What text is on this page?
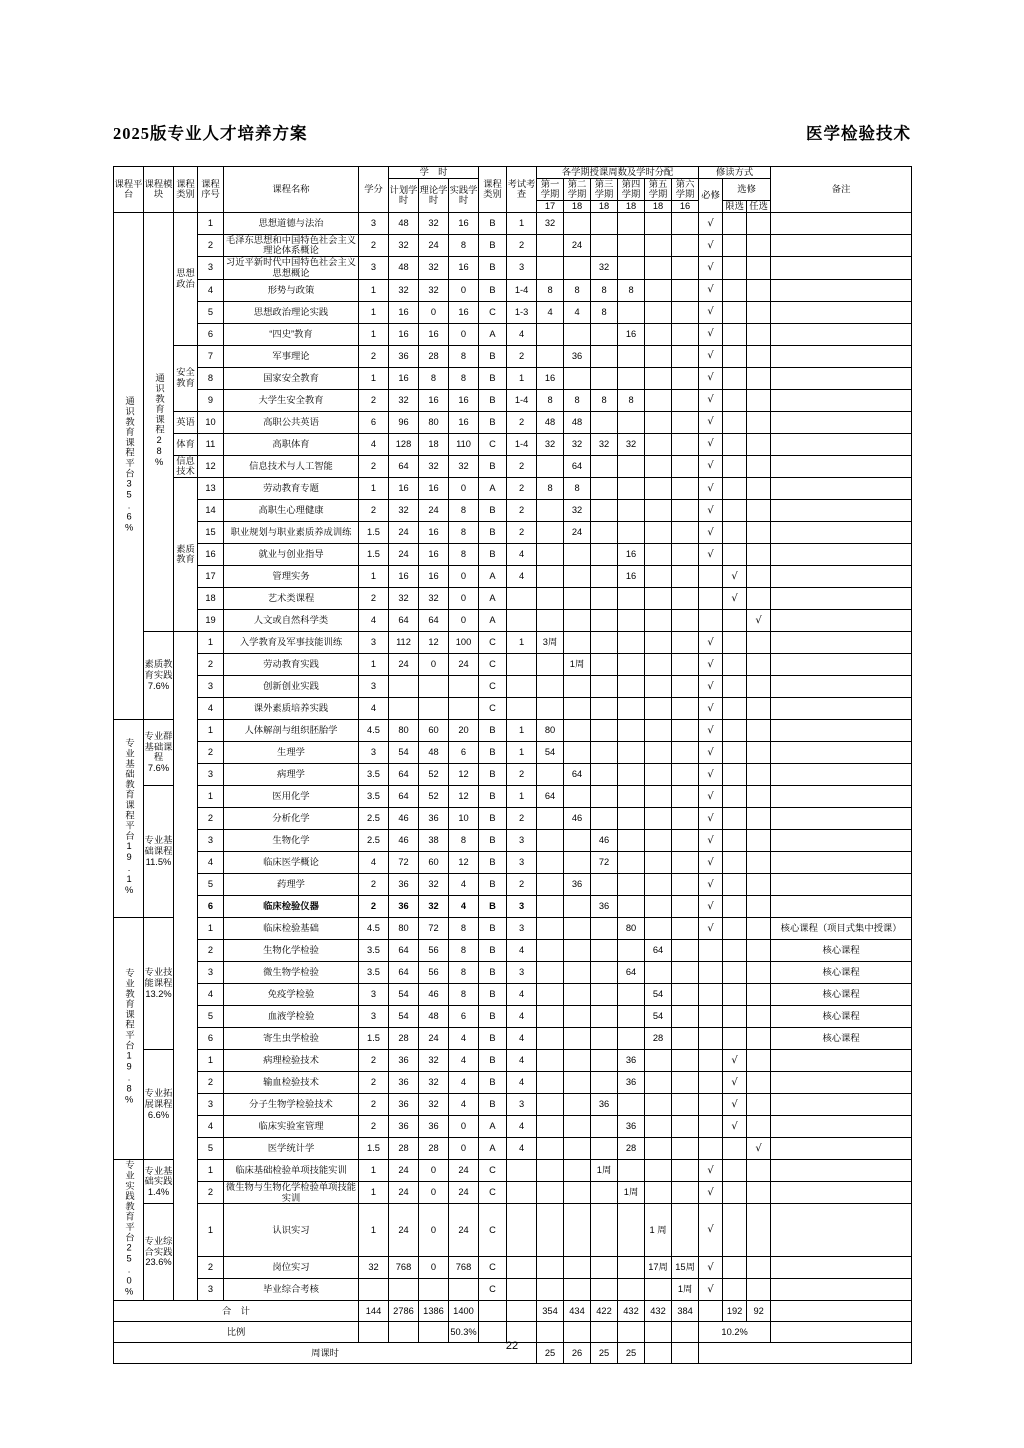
2025版专业人才培养方案	医学检验技术
课程平台	课程模块	课程类别	课程序号	课程名称	学分	学　时			课程类别	考试考查	各学期授课周数及学时分配						修读方式			备注
						计划学时	理论学时	实践学时			第一学期	第二学期	第三学期	第四学期	第五学期	第六学期	必修	选修		
											17	18	18	18	18	16		限选	任选	
通识教育课程平台35.6%	通识教育课程28%	思想政治	1	思想道德与法治	3	48	32	16	B	1	32						√			
			2	毛泽东思想和中国特色社会主义理论体系概论	2	32	24	8	B	2		24					√			
			3	习近平新时代中国特色社会主义思想概论	3	48	32	16	B	3			32				√			
			4	形势与政策	1	32	32	0	B	1-4	8	8	8	8			√			
			5	思想政治理论实践	1	16	0	16	C	1-3	4	4	8				√			
			6	“四史”教育	1	16	16	0	A	4				16			√			
		安全教育	7	军事理论	2	36	28	8	B	2		36					√			
			8	国家安全教育	1	16	8	8	B	1	16						√			
			9	大学生安全教育	2	32	16	16	B	1-4	8	8	8	8			√			
		英语	10	高职公共英语	6	96	80	16	B	2	48	48					√			
		体育	11	高职体育	4	128	18	110	C	1-4	32	32	32	32			√			
		信息技术	12	信息技术与人工智能	2	64	32	32	B	2		64					√			
		素质教育	13	劳动教育专题	1	16	16	0	A	2	8	8					√			
			14	高职生心理健康	2	32	24	8	B	2		32					√			
			15	职业规划与职业素质养成训练	1.5	24	16	8	B	2		24					√			
			16	就业与创业指导	1.5	24	16	8	B	4				16			√			
			17	管理实务	1	16	16	0	A	4				16				√		
			18	艺术类课程	2	32	32	0	A									√		
			19	人文或自然科学类	4	64	64	0	A										√	
	素质教育实践7.6%		1	入学教育及军事技能训练	3	112	12	100	C	1	3周						√			
			2	劳动教育实践	1	24	0	24	C			1周					√			
			3	创新创业实践	3				C								√			
			4	课外素质培养实践	4				C								√			
专业基础教育课程平台19.1%	专业群基础课程7.6%		1	人体解剖与组织胚胎学	4.5	80	60	20	B	1	80						√			
			2	生理学	3	54	48	6	B	1	54						√			
			3	病理学	3.5	64	52	12	B	2		64					√			
	专业基础课程11.5%		1	医用化学	3.5	64	52	12	B	1	64						√			
			2	分析化学	2.5	46	36	10	B	2		46					√			
			3	生物化学	2.5	46	38	8	B	3			46				√			
			4	临床医学概论	4	72	60	12	B	3			72				√			
			5	药理学	2	36	32	4	B	2		36					√			
			6	临床检验仪器	2	36	32	4	B	3			36				√			
专业教育课程平台19.8%	专业技能课程13.2%		1	临床检验基础	4.5	80	72	8	B	3				80			√			核心课程（项目式集中授课）
			2	生物化学检验	3.5	64	56	8	B	4					64					核心课程
			3	微生物学检验	3.5	64	56	8	B	3				64						核心课程
			4	免疫学检验	3	54	46	8	B	4					54					核心课程
			5	血液学检验	3	54	48	6	B	4					54					核心课程
			6	寄生虫学检验	1.5	28	24	4	B	4					28					核心课程
	专业拓展课程6.6%		1	病理检验技术	2	36	32	4	B	4				36				√		
			2	输血检验技术	2	36	32	4	B	4				36				√		
			3	分子生物学检验技术	2	36	32	4	B	3			36					√		
			4	临床实验室管理	2	36	36	0	A	4				36				√		
			5	医学统计学	1.5	28	28	0	A	4				28					√	
专业实践教育平台25.0%	专业基础实践1.4%		1	临床基础检验单项技能实训	1	24	0	24	C				1周				√			
			2	微生物与生物化学检验单项技能实训	1	24	0	24	C					1周			√			
	专业综合实践23.6%		1	认识实习	1	24	0	24	C						1 周		√			
			2	岗位实习	32	768	0	768	C						17周	15周	√			
			3	毕业综合考核					C							1周	√			
合　计					144	2786	1386	1400			354	434	422	432	432	384		192	92	
比例								50.3%									10.2%			
周课时											25	26	25	25						
22
